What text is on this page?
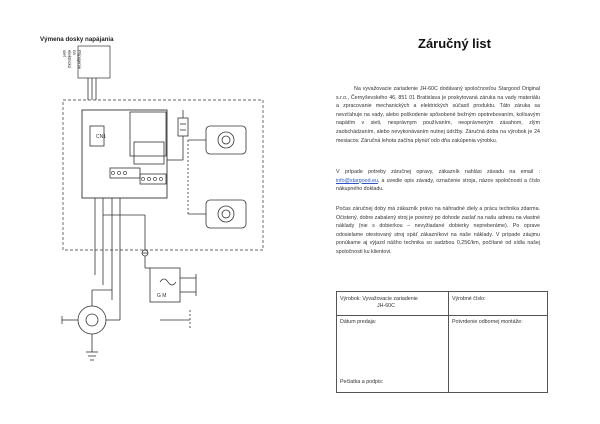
Výmena dosky napájania
CN1
G M
Pripojenie
na
elektrickú
sieť
Záručný list
Na vyvažovacie zariadenie JH-60C dodávaný spoločnosťou Stargood Original s.r.o., Černyševského 46, 851 01 Bratislava je poskytovaná záruka na vady materiálu a zpracovanie mechanických a elektrických súčastí produktu. Táto záruka sa nevzťahuje na vady, alebo poškodenie spôsobené bežným opotrebovaním, kolísavým napätím v sieti, nesprávnym používaním, neoprávneným zásahom, zlým zaobchádzaním, alebo nevykonávaním nutnej údržby. Záručná doba na výrobok je 24 mesiacov. Záručná lehota začína plynúť odo dňa zakúpenia výrobku.
V prípade potreby záručnej opravy, zákazník nahlási závadu na email : info@stargood.eu, a uvedie opis závady, označenie stroja, názov spoločnosti a číslo nákupného dokladu.
Počas záručnej doby má zákazník právo na náhradné diely a prácu technika zdarma. Očistený, dobre zabalený stroj je povinný po dohode zaslať na našu adresu na vlastné náklady (nie s dobierkou – nevyžiadané dobierky nepreberáme). Po oprave odosielame otestovaný stroj späť zákazníkovi na naše náklady. V prípade záujmu ponúkame aj výjazd nášho technika so sadzbou 0,25€/km, počítané od sídla našej spoločnosti ku klientovi.
Výrobok: Vyvažovacie zariadenie
JH-60C
Výrobné číslo:
Dátum predaja:	Potvrdenie odbornej montáže:
Pečiatka a podpis:
